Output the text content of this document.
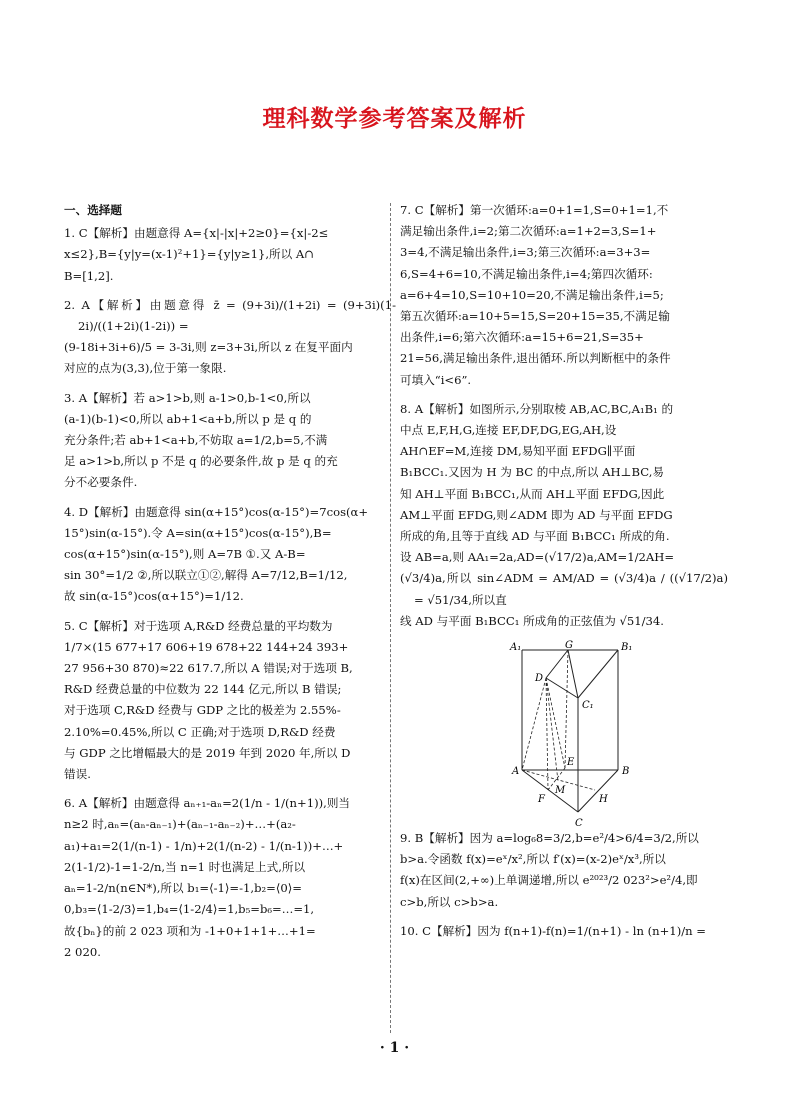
理科数学参考答案及解析
一、选择题
1. C【解析】由题意得 A={x|-|x|+2≥0}={x|-2≤
x≤2},B={y|y=(x-1)²+1}={y|y≥1},所以 A∩
B=[1,2].
2. A【解析】由题意得 z̄ = (9+3i)/(1+2i) = (9+3i)(1-2i)/((1+2i)(1-2i)) =
(9-18i+3i+6)/5 = 3-3i,则 z=3+3i,所以 z 在复平面内
对应的点为(3,3),位于第一象限.
3. A【解析】若 a>1>b,则 a-1>0,b-1<0,所以
(a-1)(b-1)<0,所以 ab+1<a+b,所以 p 是 q 的
充分条件;若 ab+1<a+b,不妨取 a=1/2,b=5,不满
足 a>1>b,所以 p 不是 q 的必要条件,故 p 是 q 的充
分不必要条件.
4. D【解析】由题意得 sin(α+15°)cos(α-15°)=7cos(α+
15°)sin(α-15°).令 A=sin(α+15°)cos(α-15°),B=
cos(α+15°)sin(α-15°),则 A=7B ①.又 A-B=
sin 30°=1/2 ②,所以联立①②,解得 A=7/12,B=1/12,
故 sin(α-15°)cos(α+15°)=1/12.
5. C【解析】对于选项 A,R&D 经费总量的平均数为
1/7×(15 677+17 606+19 678+22 144+24 393+
27 956+30 870)≈22 617.7,所以 A 错误;对于选项 B,
R&D 经费总量的中位数为 22 144 亿元,所以 B 错误;
对于选项 C,R&D 经费与 GDP 之比的极差为 2.55%-
2.10%=0.45%,所以 C 正确;对于选项 D,R&D 经费
与 GDP 之比增幅最大的是 2019 年到 2020 年,所以 D
错误.
6. A【解析】由题意得 aₙ₊₁-aₙ=2(1/n - 1/(n+1)),则当
n≥2 时,aₙ=(aₙ-aₙ₋₁)+(aₙ₋₁-aₙ₋₂)+…+(a₂-
a₁)+a₁=2(1/(n-1) - 1/n)+2(1/(n-2) - 1/(n-1))+…+
2(1-1/2)-1=1-2/n,当 n=1 时也满足上式,所以
aₙ=1-2/n(n∈N*),所以 b₁=⟨-1⟩=-1,b₂=⟨0⟩=
0,b₃=⟨1-2/3⟩=1,b₄=⟨1-2/4⟩=1,b₅=b₆=…=1,
故{bₙ}的前 2 023 项和为 -1+0+1+1+…+1=
2 020.
7. C【解析】第一次循环:a=0+1=1,S=0+1=1,不
满足输出条件,i=2;第二次循环:a=1+2=3,S=1+
3=4,不满足输出条件,i=3;第三次循环:a=3+3=
6,S=4+6=10,不满足输出条件,i=4;第四次循环:
a=6+4=10,S=10+10=20,不满足输出条件,i=5;
第五次循环:a=10+5=15,S=20+15=35,不满足输
出条件,i=6;第六次循环:a=15+6=21,S=35+
21=56,满足输出条件,退出循环.所以判断框中的条件
可填入“i<6”.
8. A【解析】如图所示,分别取棱 AB,AC,BC,A₁B₁ 的
中点 E,F,H,G,连接 EF,DF,DG,EG,AH,设
AH∩EF=M,连接 DM,易知平面 EFDG∥平面
B₁BCC₁.又因为 H 为 BC 的中点,所以 AH⊥BC,易
知 AH⊥平面 B₁BCC₁,从而 AH⊥平面 EFDG,因此
AM⊥平面 EFDG,则∠ADM 即为 AD 与平面 EFDG
所成的角,且等于直线 AD 与平面 B₁BCC₁ 所成的角.
设 AB=a,则 AA₁=2a,AD=(√17/2)a,AM=1/2AH=
(√3/4)a,所以 sin∠ADM = AM/AD = (√3/4)a / ((√17/2)a) = √51/34,所以直
线 AD 与平面 B₁BCC₁ 所成角的正弦值为 √51/34.
A₁	G	B₁
D
C₁
A
E
B
M
F	H
C
9. B【解析】因为 a=log₆8=3/2,b=e²/4>6/4=3/2,所以
b>a.令函数 f(x)=eˣ/x²,所以 f′(x)=(x-2)eˣ/x³,所以
f(x)在区间(2,+∞)上单调递增,所以 e²⁰²³/2 023²>e²/4,即
c>b,所以 c>b>a.
10. C【解析】因为 f(n+1)-f(n)=1/(n+1) - ln (n+1)/n =
· 1 ·
